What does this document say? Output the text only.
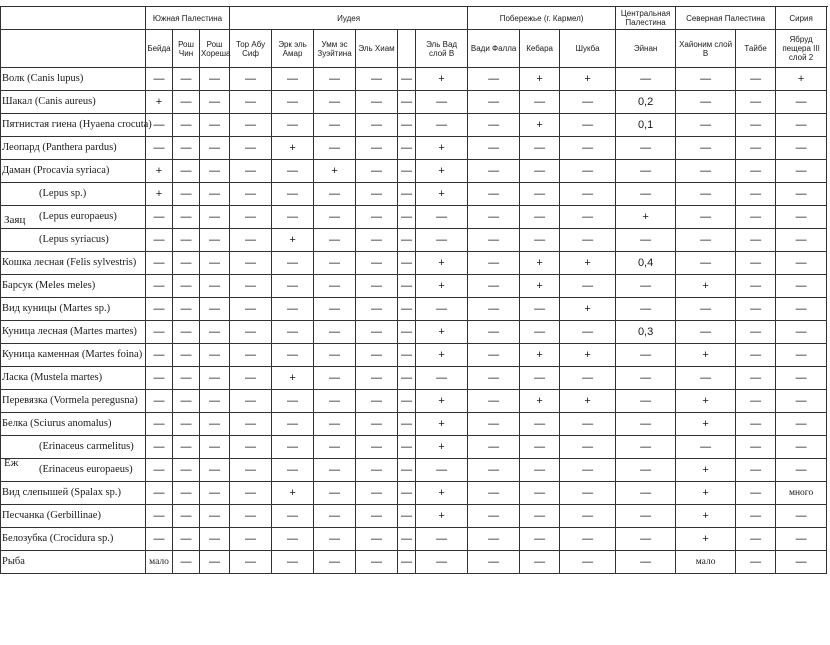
	Южная Палестина			Иудея						Побережье (г. Кармел)			Центральная Палестина	Северная Палестина		Сирия
	Бейда	Рош Чин	Рош Хореша	Тор Абу Сиф	Эрк эль Амар	Умм эс Зуэйтина	Эль Хиам		Эль Вад слой В	Вади Фалла	Кебара	Шукба	Эйнан	Хайоним слой В	Тайбе	Ябруд пещера III слой 2
Волк (Canis lupus)	—	—	—	—	—	—	—	—	+	—	+	+	—	—	—	+
Шакал (Canis aureus)	+	—	—	—	—	—	—	—	—	—	—	—	0,2	—	—	—
Пятнистая гиена (Hyaena crocuta)	—	—	—	—	—	—	—	—	—	—	+	—	0,1	—	—	—
Леопард (Panthera pardus)	—	—	—	—	+	—	—	—	+	—	—	—	—	—	—	—
Даман (Procavia syriaca)	+	—	—	—	—	+	—	—	+	—	—	—	—	—	—	—

Заяц
(Lepus sp.)	+	—	—	—	—	—	—	—	+	—	—	—	—	—	—	—
(Lepus europaeus)	—	—	—	—	—	—	—	—	—	—	—	—	+	—	—	—
(Lepus syriacus)	—	—	—	—	+	—	—	—	—	—	—	—	—	—	—	—
Кошка лесная (Felis sylvestris)	—	—	—	—	—	—	—	—	+	—	+	+	0,4	—	—	—
Барсук (Meles meles)	—	—	—	—	—	—	—	—	+	—	+	—	—	+	—	—
Вид куницы (Martes sp.)	—	—	—	—	—	—	—	—	—	—	—	+	—	—	—	—
Куница лесная (Martes martes)	—	—	—	—	—	—	—	—	+	—	—	—	0,3	—	—	—
Куница каменная (Martes foina)	—	—	—	—	—	—	—	—	+	—	+	+	—	+	—	—
Ласка (Mustela martes)	—	—	—	—	+	—	—	—	—	—	—	—	—	—	—	—
Перевязка (Vormela peregusna)	—	—	—	—	—	—	—	—	+	—	+	+	—	+	—	—
Белка (Sciurus anomalus)	—	—	—	—	—	—	—	—	+	—	—	—	—	+	—	—

Еж
(Erinaceus carmelitus)	—	—	—	—	—	—	—	—	+	—	—	—	—	—	—	—
(Erinaceus europaeus)	—	—	—	—	—	—	—	—	—	—	—	—	—	+	—	—
Вид слепышей (Spalax sp.)	—	—	—	—	+	—	—	—	+	—	—	—	—	+	—	много
Песчанка (Gerbillinae)	—	—	—	—	—	—	—	—	+	—	—	—	—	+	—	—
Белозубка (Crocidura sp.)	—	—	—	—	—	—	—	—	—	—	—	—	—	+	—	—
Рыба	мало	—	—	—	—	—	—	—	—	—	—	—	—	мало	—	—
